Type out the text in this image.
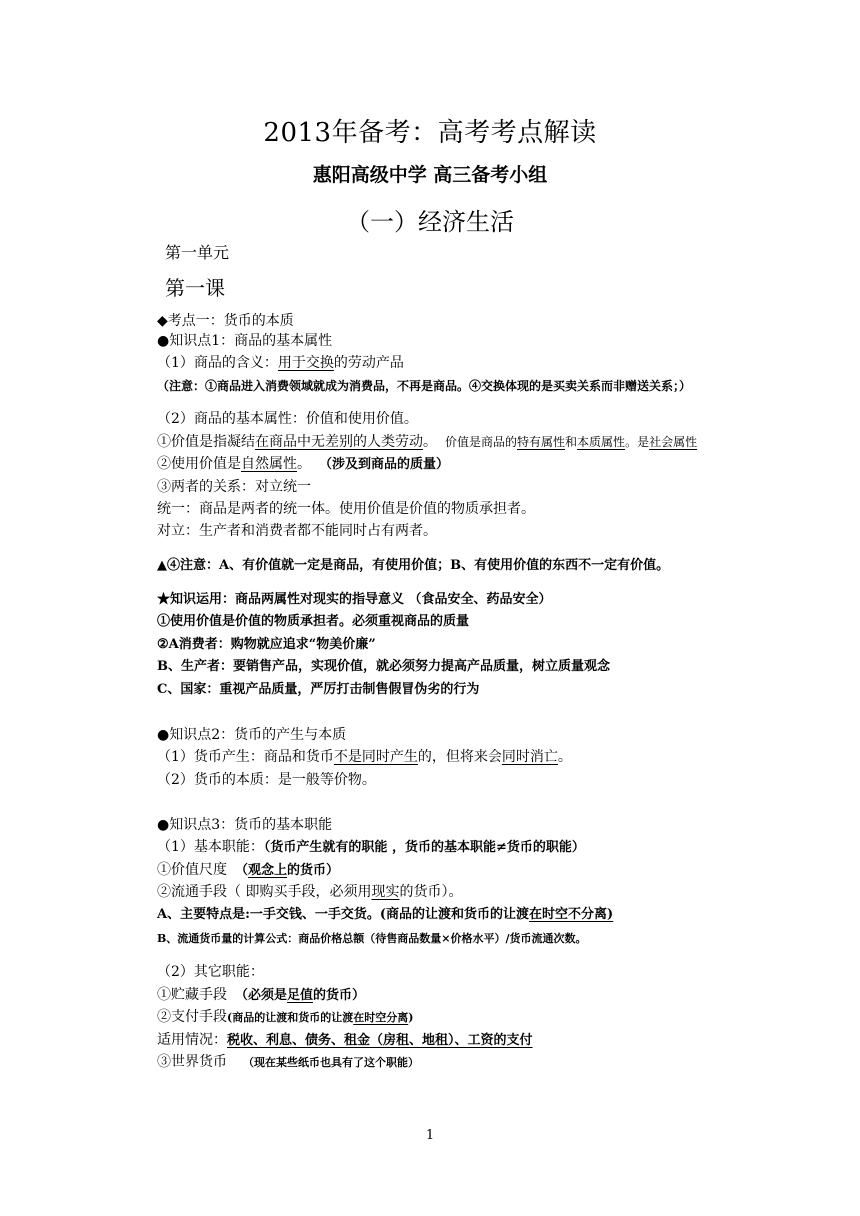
2013年备考：高考考点解读
惠阳高级中学 高三备考小组
（一）经济生活
第一单元
第一课
◆考点一：货币的本质
●知识点1：商品的基本属性
（1）商品的含义：用于交换的劳动产品
（注意：①商品进入消费领域就成为消费品，不再是商品。④交换体现的是买卖关系而非赠送关系；）
（2）商品的基本属性：价值和使用价值。
①价值是指凝结在商品中无差别的人类劳动。 价值是商品的特有属性和本质属性。是社会属性
②使用价值是自然属性。 （涉及到商品的质量）
③两者的关系：对立统一
统一：商品是两者的统一体。使用价值是价值的物质承担者。
对立：生产者和消费者都不能同时占有两者。
▲④注意：A、有价值就一定是商品，有使用价值；B、有使用价值的东西不一定有价值。
★知识运用：商品两属性对现实的指导意义 （食品安全、药品安全）
①使用价值是价值的物质承担者。必须重视商品的质量
②A消费者：购物就应追求“物美价廉”
B、生产者：要销售产品，实现价值，就必须努力提高产品质量，树立质量观念
C、国家：重视产品质量，严厉打击制售假冒伪劣的行为
●知识点2：货币的产生与本质
（1）货币产生：商品和货币不是同时产生的，但将来会同时消亡。
（2）货币的本质：是一般等价物。
●知识点3：货币的基本职能
（1）基本职能：（货币产生就有的职能 ，货币的基本职能≠货币的职能）
①价值尺度 （观念上的货币）
②流通手段（ 即购买手段，必须用现实的货币）。
A、主要特点是:一手交钱、一手交货。(商品的让渡和货币的让渡在时空不分离)
B、流通货币量的计算公式：商品价格总额（待售商品数量×价格水平）/货币流通次数。
（2）其它职能：
①贮藏手段 （必须是足值的货币）
②支付手段(商品的让渡和货币的让渡在时空分离)
适用情况：税收、利息、债务、租金（房租、地租）、工资的支付
③世界货币 （现在某些纸币也具有了这个职能）
1
